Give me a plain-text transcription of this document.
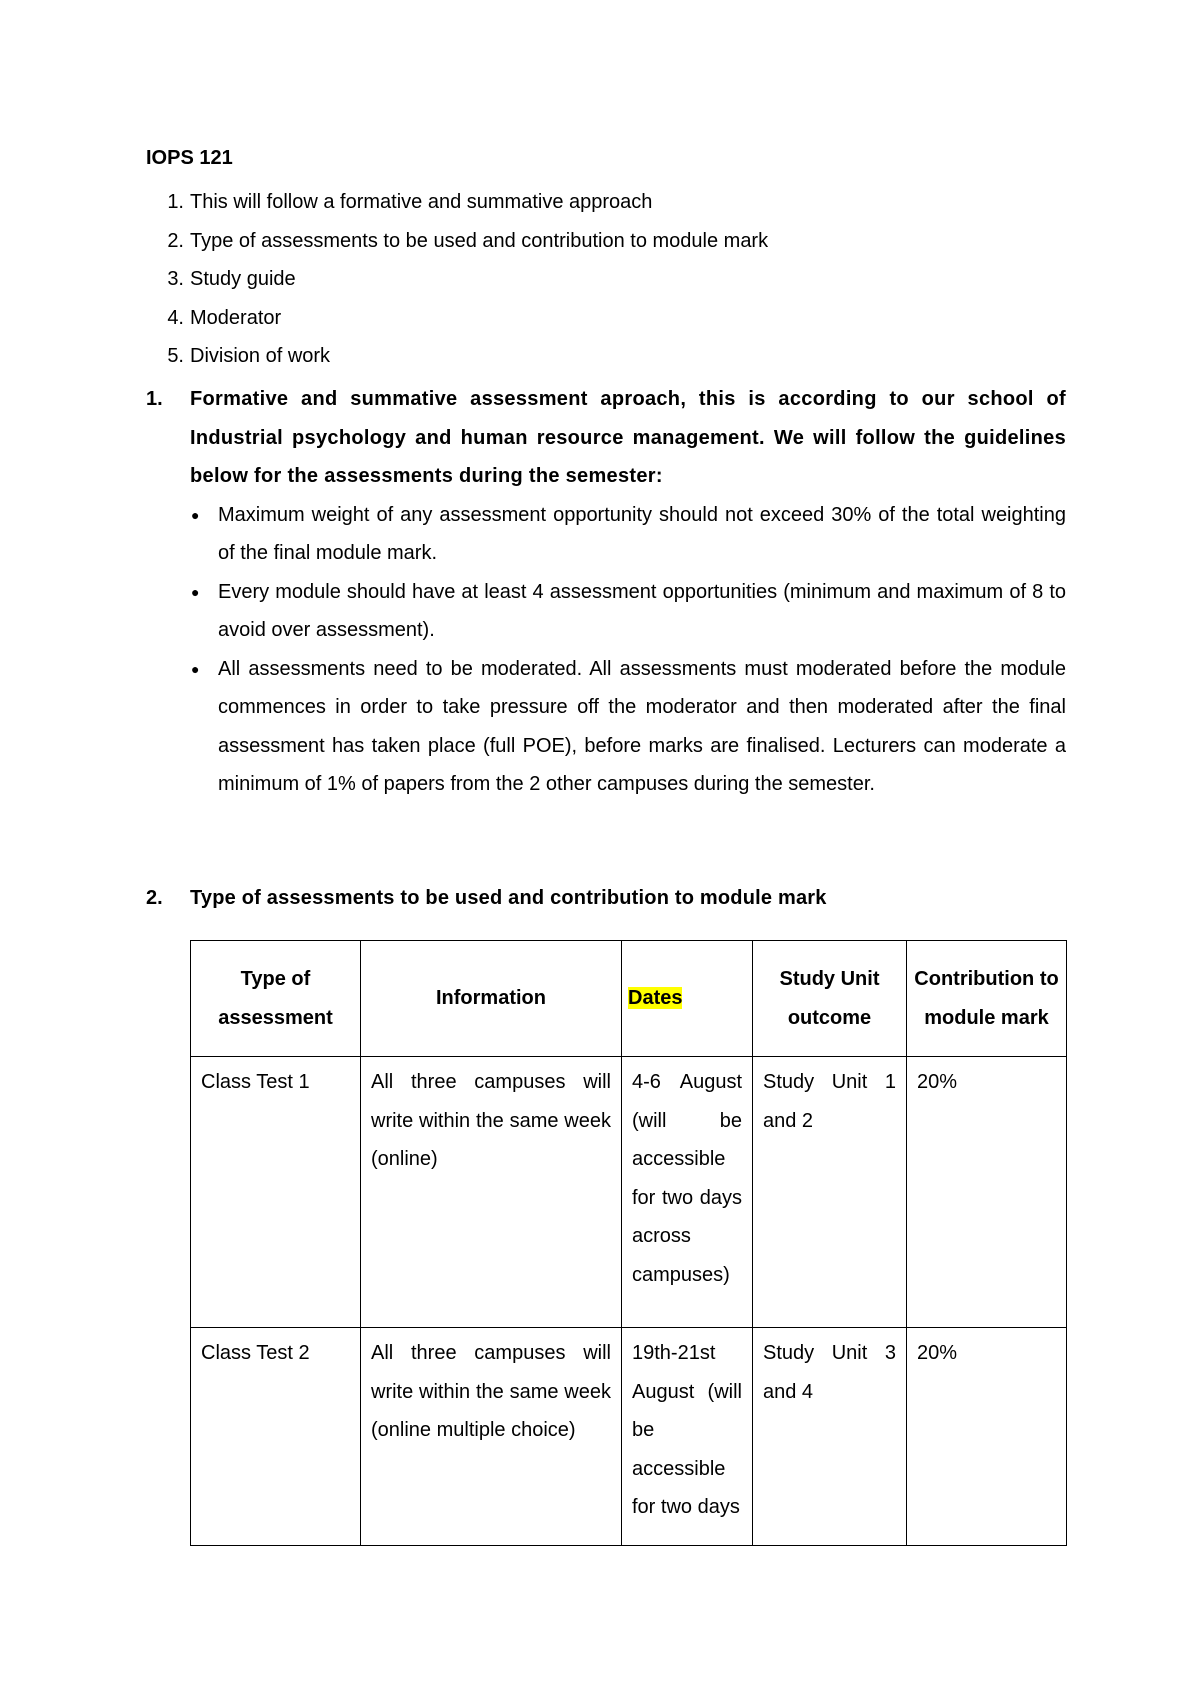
IOPS 121
1. This will follow a formative and summative approach
2. Type of assessments to be used and contribution to module mark
3. Study guide
4. Moderator
5. Division of work
1. Formative and summative assessment aproach, this is according to our school of Industrial psychology and human resource management. We will follow the guidelines below for the assessments during the semester:
● Maximum weight of any assessment opportunity should not exceed 30% of the total weighting of the final module mark.
● Every module should have at least 4 assessment opportunities (minimum and maximum of 8 to avoid over assessment).
● All assessments need to be moderated. All assessments must moderated before the module commences in order to take pressure off the moderator and then moderated after the final assessment has taken place (full POE), before marks are finalised. Lecturers can moderate a minimum of 1% of papers from the 2 other campuses during the semester.
2. Type of assessments to be used and contribution to module mark
Type of assessment	Information	Dates	Study Unit outcome	Contribution to module mark
Class Test 1	All three campuses will write within the same week (online)	4-6 August (will be accessible for two days across campuses)	Study Unit 1 and 2	20%
Class Test 2	All three campuses will write within the same week (online multiple choice)	19th-21st August (will be accessible for two days	Study Unit 3 and 4	20%
